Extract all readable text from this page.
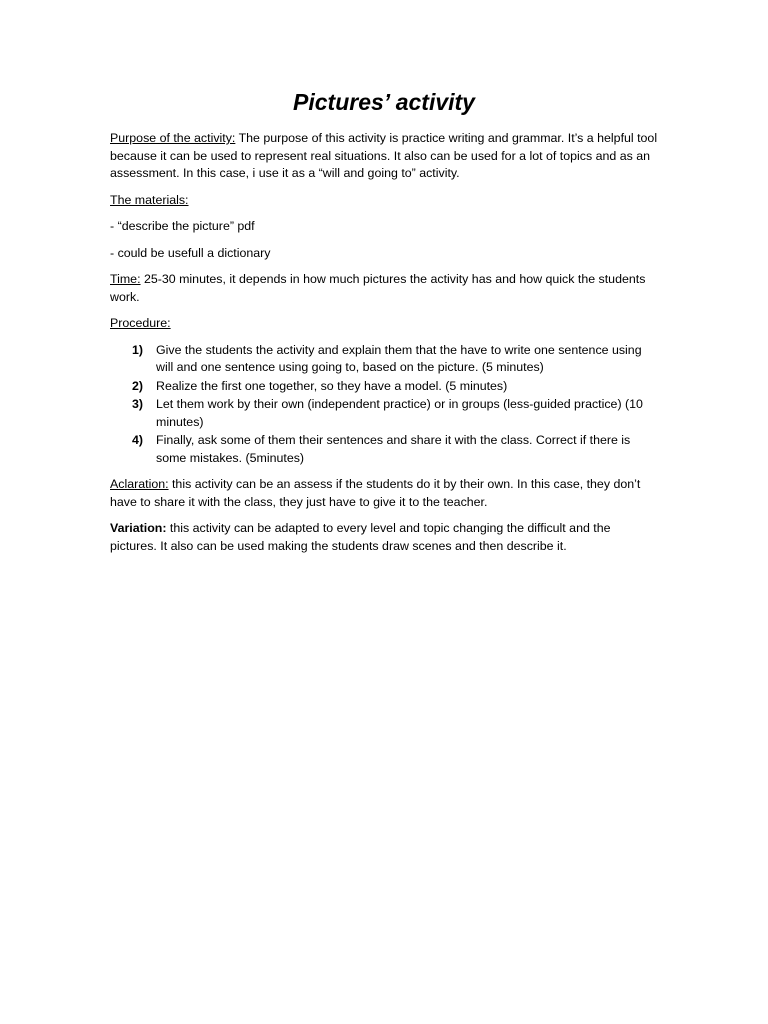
Pictures’ activity

Purpose of the activity: The purpose of this activity is practice writing and grammar. It’s a helpful tool because it can be used to represent real situations. It also can be used for a lot of topics and as an assessment. In this case, i use it as a “will and going to” activity.

The materials:

- “describe the picture” pdf

- could be usefull a dictionary

Time: 25-30 minutes, it depends in how much pictures the activity has and how quick the students work.

Procedure:

1) Give the students the activity and explain them that the have to write one sentence using will and one sentence using going to, based on the picture. (5 minutes)
2) Realize the first one together, so they have a model. (5 minutes)
3) Let them work by their own (independent practice) or in groups (less-guided practice) (10 minutes)
4) Finally, ask some of them their sentences and share it with the class. Correct if there is some mistakes. (5minutes)

Aclaration: this activity can be an assess if the students do it by their own. In this case, they don’t have to share it with the class, they just have to give it to the teacher.

Variation: this activity can be adapted to every level and topic changing the difficult and the pictures. It also can be used making the students draw scenes and then describe it.
